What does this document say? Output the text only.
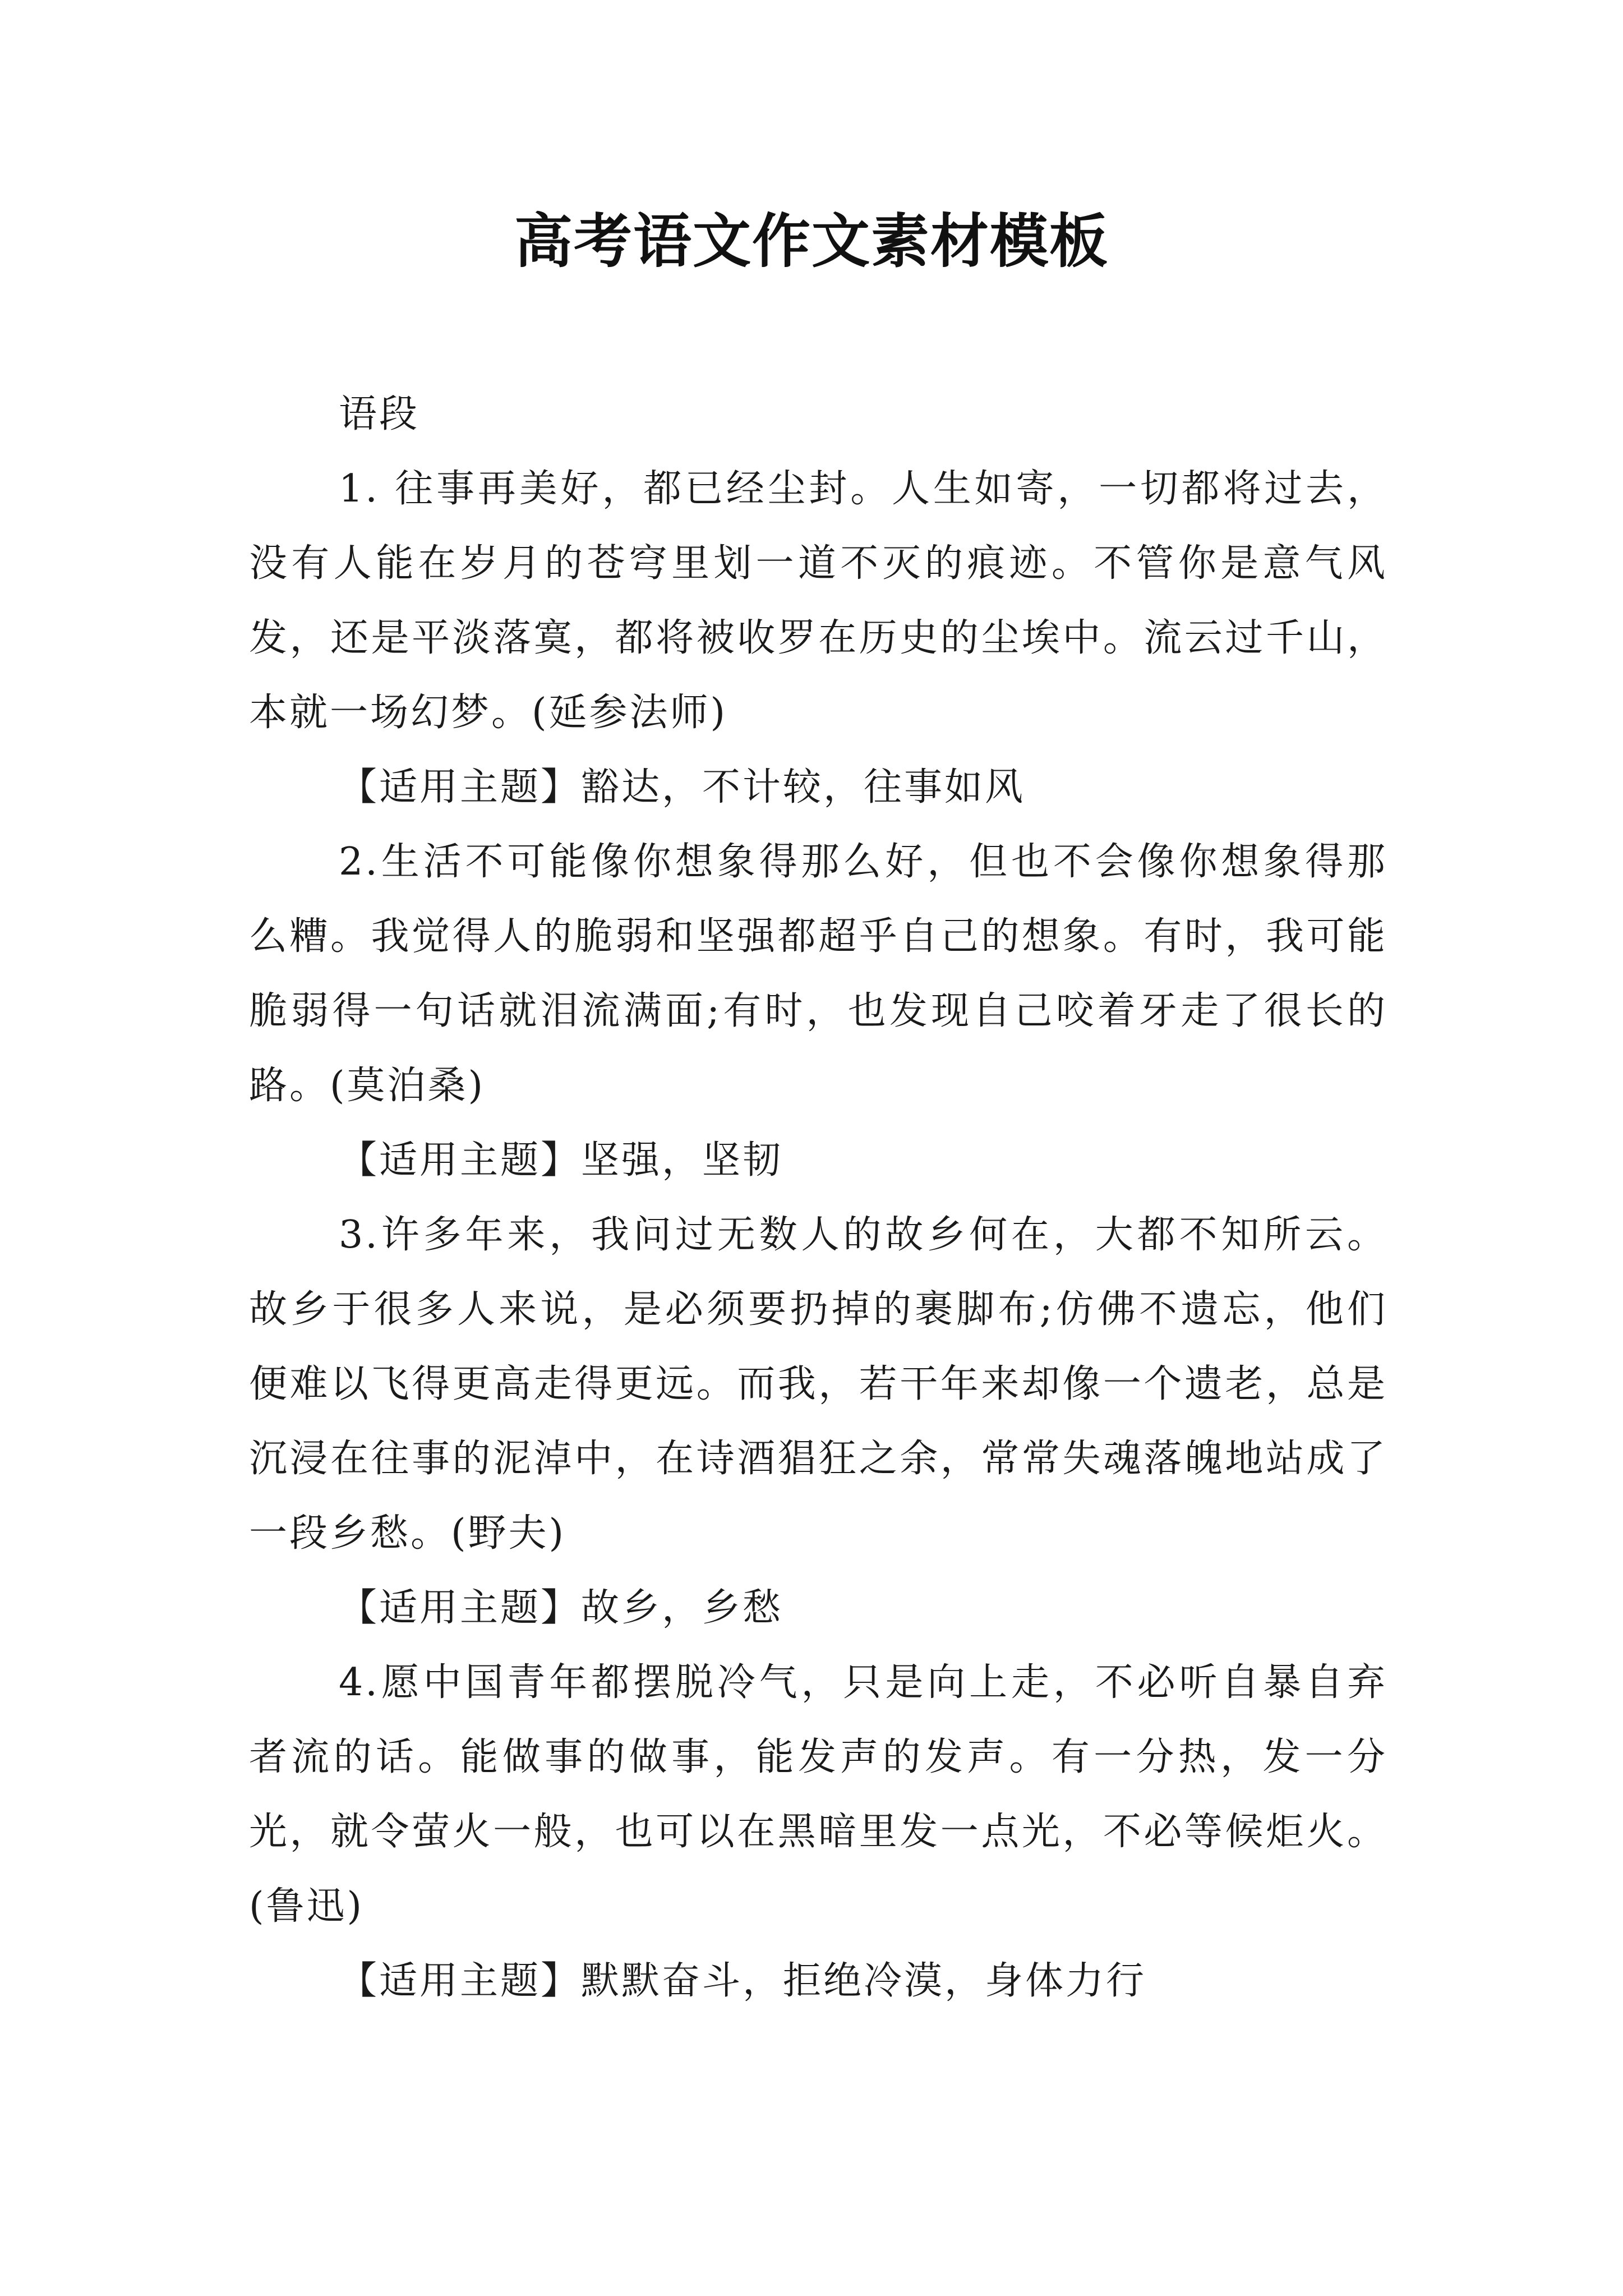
高考语文作文素材模板

语段

1. 往事再美好，都已经尘封。人生如寄，一切都将过去，没有人能在岁月的苍穹里划一道不灭的痕迹。不管你是意气风发，还是平淡落寞，都将被收罗在历史的尘埃中。流云过千山，本就一场幻梦。(延参法师)

【适用主题】豁达，不计较，往事如风

2.生活不可能像你想象得那么好，但也不会像你想象得那么糟。我觉得人的脆弱和坚强都超乎自己的想象。有时，我可能脆弱得一句话就泪流满面;有时，也发现自己咬着牙走了很长的路。(莫泊桑)

【适用主题】坚强，坚韧

3.许多年来，我问过无数人的故乡何在，大都不知所云。故乡于很多人来说，是必须要扔掉的裹脚布;仿佛不遗忘，他们便难以飞得更高走得更远。而我，若干年来却像一个遗老，总是沉浸在往事的泥淖中，在诗酒猖狂之余，常常失魂落魄地站成了一段乡愁。(野夫)

【适用主题】故乡，乡愁

4.愿中国青年都摆脱冷气，只是向上走，不必听自暴自弃者流的话。能做事的做事，能发声的发声。有一分热，发一分光，就令萤火一般，也可以在黑暗里发一点光，不必等候炬火。(鲁迅)

【适用主题】默默奋斗，拒绝冷漠，身体力行
